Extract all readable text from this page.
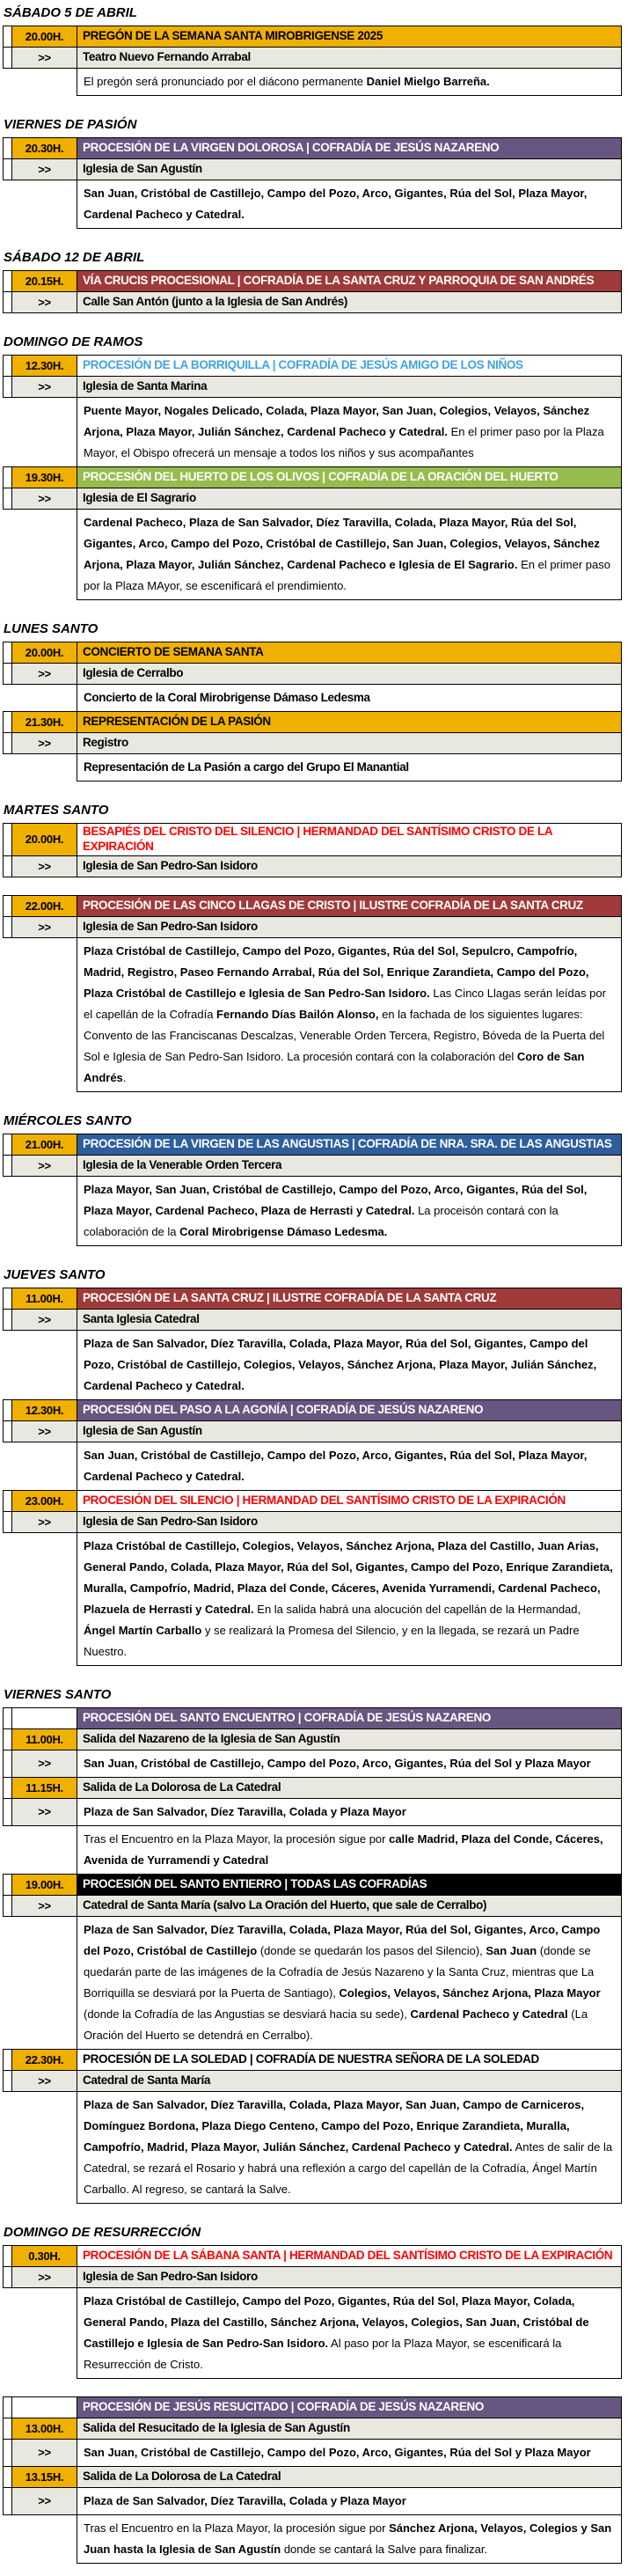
SÁBADO 5 DE ABRIL
	20.00H.	PREGÓN DE LA SEMANA SANTA MIROBRIGENSE 2025
	>>	Teatro Nuevo Fernando Arrabal
		El pregón será pronunciado por el diácono permanente Daniel Mielgo Barreña.
VIERNES DE PASIÓN
	20.30H.	PROCESIÓN DE LA VIRGEN DOLOROSA | COFRADÍA DE JESÚS NAZARENO
	>>	Iglesia de San Agustín
		San Juan, Cristóbal de Castillejo, Campo del Pozo, Arco, Gigantes, Rúa del Sol, Plaza Mayor, Cardenal Pacheco y Catedral.
SÁBADO 12 DE ABRIL
	20.15H.	VÍA CRUCIS PROCESIONAL | COFRADÍA DE LA SANTA CRUZ Y PARROQUIA DE SAN ANDRÉS
	>>	Calle San Antón (junto a la Iglesia de San Andrés)
DOMINGO DE RAMOS
	12.30H.	PROCESIÓN DE LA BORRIQUILLA | COFRADÍA DE JESÚS AMIGO DE LOS NIÑOS
	>>	Iglesia de Santa Marina
		Puente Mayor, Nogales Delicado, Colada, Plaza Mayor, San Juan, Colegios, Velayos, Sánchez Arjona, Plaza Mayor, Julián Sánchez, Cardenal Pacheco y Catedral. En el primer paso por la Plaza Mayor, el Obispo ofrecerá un mensaje a todos los niños y sus acompañantes
	19.30H.	PROCESIÓN DEL HUERTO DE LOS OLIVOS | COFRADÍA DE LA ORACIÓN DEL HUERTO
	>>	Iglesia de El Sagrario
		Cardenal Pacheco, Plaza de San Salvador, Díez Taravilla, Colada, Plaza Mayor, Rúa del Sol, Gigantes, Arco, Campo del Pozo, Cristóbal de Castillejo, San Juan, Colegios, Velayos, Sánchez Arjona, Plaza Mayor, Julián Sánchez, Cardenal Pacheco e Iglesia de El Sagrario. En el primer paso por la Plaza MAyor, se escenificará el prendimiento.
LUNES SANTO
	20.00H.	CONCIERTO DE SEMANA SANTA
	>>	Iglesia de Cerralbo
		Concierto de la Coral Mirobrigense Dámaso Ledesma
	21.30H.	REPRESENTACIÓN DE LA PASIÓN
	>>	Registro
		Representación de La Pasión a cargo del Grupo El Manantial
MARTES SANTO
	20.00H.	BESAPIÉS DEL CRISTO DEL SILENCIO | HERMANDAD DEL SANTÍSIMO CRISTO DE LA EXPIRACIÓN
	>>	Iglesia de San Pedro-San Isidoro
	22.00H.	PROCESIÓN DE LAS CINCO LLAGAS DE CRISTO | ILUSTRE COFRADÍA DE LA SANTA CRUZ
	>>	Iglesia de San Pedro-San Isidoro
		Plaza Cristóbal de Castillejo, Campo del Pozo, Gigantes, Rúa del Sol, Sepulcro, Campofrío, Madrid, Registro, Paseo Fernando Arrabal, Rúa del Sol, Enrique Zarandieta, Campo del Pozo, Plaza Cristóbal de Castillejo e Iglesia de San Pedro-San Isidoro. Las Cinco Llagas serán leídas por el capellán de la Cofradía Fernando Días Bailón Alonso, en la fachada de los siguientes lugares: Convento de las Franciscanas Descalzas, Venerable Orden Tercera, Registro, Bóveda de la Puerta del Sol e Iglesia de San Pedro-San Isidoro. La procesión contará con la colaboración del Coro de San Andrés.
MIÉRCOLES SANTO
	21.00H.	PROCESIÓN DE LA VIRGEN DE LAS ANGUSTIAS | COFRADÍA DE NRA. SRA. DE LAS ANGUSTIAS
	>>	Iglesia de la Venerable Orden Tercera
		Plaza Mayor, San Juan, Cristóbal de Castillejo, Campo del Pozo, Arco, Gigantes, Rúa del Sol, Plaza Mayor, Cardenal Pacheco, Plaza de Herrasti y Catedral. La proceisón contará con la colaboración de la Coral Mirobrigense Dámaso Ledesma.
JUEVES SANTO
	11.00H.	PROCESIÓN DE LA SANTA CRUZ | ILUSTRE COFRADÍA DE LA SANTA CRUZ
	>>	Santa Iglesia Catedral
		Plaza de San Salvador, Díez Taravilla, Colada, Plaza Mayor, Rúa del Sol, Gigantes, Campo del Pozo, Cristóbal de Castillejo, Colegios, Velayos, Sánchez Arjona, Plaza Mayor, Julián Sánchez, Cardenal Pacheco y Catedral.
	12.30H.	PROCESIÓN DEL PASO A LA AGONÍA | COFRADÍA DE JESÚS NAZARENO
	>>	Iglesia de San Agustín
		San Juan, Cristóbal de Castillejo, Campo del Pozo, Arco, Gigantes, Rúa del Sol, Plaza Mayor, Cardenal Pacheco y Catedral.
	23.00H.	PROCESIÓN DEL SILENCIO | HERMANDAD DEL SANTÍSIMO CRISTO DE LA EXPIRACIÓN
	>>	Iglesia de San Pedro-San Isidoro
		Plaza Cristóbal de Castillejo, Colegios, Velayos, Sánchez Arjona, Plaza del Castillo, Juan Arias, General Pando, Colada, Plaza Mayor, Rúa del Sol, Gigantes, Campo del Pozo, Enrique Zarandieta, Muralla, Campofrío, Madrid, Plaza del Conde, Cáceres, Avenida Yurramendi, Cardenal Pacheco, Plazuela de Herrasti y Catedral. En la salida habrá una alocución del capellán de la Hermandad, Ángel Martín Carballo y se realizará la Promesa del Silencio, y en la llegada, se rezará un Padre Nuestro.
VIERNES SANTO
		PROCESIÓN DEL SANTO ENCUENTRO | COFRADÍA DE JESÚS NAZARENO
	11.00H.	Salida del Nazareno de la Iglesia de San Agustín
	>>	San Juan, Cristóbal de Castillejo, Campo del Pozo, Arco, Gigantes, Rúa del Sol y Plaza Mayor
	11.15H.	Salida de La Dolorosa de La Catedral
	>>	Plaza de San Salvador, Díez Taravilla, Colada y Plaza Mayor
		Tras el Encuentro en la Plaza Mayor, la procesión sigue por calle Madrid, Plaza del Conde, Cáceres, Avenida de Yurramendi y Catedral
	19.00H.	PROCESIÓN DEL SANTO ENTIERRO | TODAS LAS COFRADÍAS
	>>	Catedral de Santa María (salvo La Oración del Huerto, que sale de Cerralbo)
		Plaza de San Salvador, Díez Taravilla, Colada, Plaza Mayor, Rúa del Sol, Gigantes, Arco, Campo del Pozo, Cristóbal de Castillejo (donde se quedarán los pasos del Silencio), San Juan (donde se quedarán parte de las imágenes de la Cofradía de Jesús Nazareno y la Santa Cruz, mientras que La Borriquilla se desviará por la Puerta de Santiago), Colegios, Velayos, Sánchez Arjona, Plaza Mayor (donde la Cofradía de las Angustias se desviará hacia su sede), Cardenal Pacheco y Catedral (La Oración del Huerto se detendrá en Cerralbo).
	22.30H.	PROCESIÓN DE LA SOLEDAD | COFRADÍA DE NUESTRA SEÑORA DE LA SOLEDAD
	>>	Catedral de Santa María
		Plaza de San Salvador, Díez Taravilla, Colada, Plaza Mayor, San Juan, Campo de Carniceros, Domínguez Bordona, Plaza Diego Centeno, Campo del Pozo, Enrique Zarandieta, Muralla, Campofrío, Madrid, Plaza Mayor, Julián Sánchez, Cardenal Pacheco y Catedral. Antes de salir de la Catedral, se rezará el Rosario y habrá una reflexión a cargo del capellán de la Cofradía, Ángel Martín Carballo. Al regreso, se cantará la Salve.
DOMINGO DE RESURRECCIÓN
	0.30H.	PROCESIÓN DE LA SÁBANA SANTA | HERMANDAD DEL SANTÍSIMO CRISTO DE LA EXPIRACIÓN
	>>	Iglesia de San Pedro-San Isidoro
		Plaza Cristóbal de Castillejo, Campo del Pozo, Gigantes, Rúa del Sol, Plaza Mayor, Colada, General Pando, Plaza del Castillo, Sánchez Arjona, Velayos, Colegios, San Juan, Cristóbal de Castillejo e Iglesia de San Pedro-San Isidoro. Al paso por la Plaza Mayor, se escenificará la Resurrección de Cristo.
		PROCESIÓN DE JESÚS RESUCITADO | COFRADÍA DE JESÚS NAZARENO
	13.00H.	Salida del Resucitado de la Iglesia de San Agustín
	>>	San Juan, Cristóbal de Castillejo, Campo del Pozo, Arco, Gigantes, Rúa del Sol y Plaza Mayor
	13.15H.	Salida de La Dolorosa de La Catedral
	>>	Plaza de San Salvador, Díez Taravilla, Colada y Plaza Mayor
		Tras el Encuentro en la Plaza Mayor, la procesión sigue por Sánchez Arjona, Velayos, Colegios y San Juan hasta la Iglesia de San Agustín donde se cantará la Salve para finalizar.
